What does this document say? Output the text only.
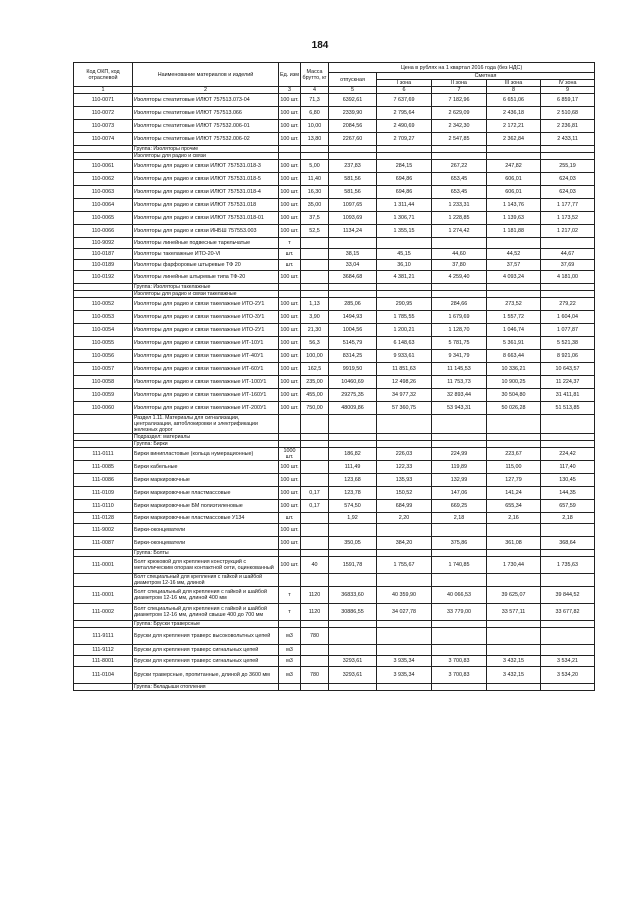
184
Код ОКП, код отраслевой	Наименование материалов и изделий	Ед. изм	Масса брутто, кг	Цена в рублях на 1 квартал 2016 года (без НДС)				
				отпускная	Сметная			
					I зона	II зона	III зона	IV зона

1	2	3	4	5	6	7	8	9
110-0071	Изоляторы стеатитовые ИЛЮТ 757513.073-04	100 шт.	71,3	6392,61	7 637,69	7 182,96	6 651,06	6 859,17
110-0072	Изоляторы стеатитовые ИЛЮТ 757513.066	100 шт.	6,80	2339,90	2 795,64	2 629,09	2 436,18	2 510,68
110-0073	Изоляторы стеатитовые ИЛЮТ 757532.006-01	100 шт.	10,00	2084,56	2 490,69	2 342,30	2 172,21	2 236,81
110-0074	Изоляторы стеатитовые ИЛЮТ 757532.006-02	100 шт.	13,80	2267,60	2 709,27	2 547,85	2 362,84	2 433,11
	Группа: Изоляторы прочие							
	Изоляторы для радио и связи							
110-0061	Изоляторы для радио и связи ИЛЮТ 757531.018-3	100 шт.	5,00	237,83	284,15	267,22	247,82	255,19
110-0062	Изоляторы для радио и связи ИЛЮТ 757531.018-5	100 шт.	11,40	581,56	694,86	653,45	606,01	624,03
110-0063	Изоляторы для радио и связи ИЛЮТ 757531.018-4	100 шт.	16,30	581,56	694,86	653,45	606,01	624,03
110-0064	Изоляторы для радио и связи ИЛЮТ 757531.018	100 шт.	35,00	1097,65	1 311,44	1 233,31	1 143,76	1 177,77
110-0065	Изоляторы для радио и связи ИЛЮТ 757531.018-01	100 шт.	37,5	1093,69	1 306,71	1 228,85	1 139,63	1 173,52
110-0066	Изоляторы для радио и связи ИНБШ 757553.003	100 шт.	52,5	1134,24	1 355,15	1 274,42	1 181,88	1 217,02
110-9092	Изоляторы линейные подвесные тарельчатые	т						
110-0187	Изоляторы такелажные ИТО-20-VI	шт.		38,15	45,15	44,60	44,52	44,67
110-0189	Изоляторы фарфоровые штыревые ТФ 20	шт.		33,04	36,10	37,80	37,57	37,69
110-0192	Изоляторы линейные штыревые типа ТФ-20	100 шт.		3684,68	4 381,21	4 259,40	4 093,24	4 181,00
	Группа: Изоляторы такелажные							
	Изоляторы для радио и связи такелажные							
110-0052	Изоляторы для радио и связи такелажные ИТО-2У1	100 шт.	1,13	285,06	290,95	284,66	273,52	279,22
110-0053	Изоляторы для радио и связи такелажные ИТО-3У1	100 шт.	3,90	1494,93	1 785,55	1 679,69	1 557,72	1 604,04
110-0054	Изоляторы для радио и связи такелажные ИТО-2У1	100 шт.	21,30	1004,56	1 200,21	1 128,70	1 046,74	1 077,87
110-0055	Изоляторы для радио и связи такелажные ИТ-10У1	100 шт.	56,3	5145,79	6 148,63	5 781,75	5 361,91	5 521,38
110-0056	Изоляторы для радио и связи такелажные ИТ-40У1	100 шт.	100,00	8314,25	9 933,61	9 341,79	8 663,44	8 921,06
110-0057	Изоляторы для радио и связи такелажные ИТ-60У1	100 шт.	162,5	9919,50	11 851,63	11 145,53	10 336,21	10 643,57
110-0058	Изоляторы для радио и связи такелажные ИТ-100У1	100 шт.	235,00	10460,69	12 498,26	11 753,73	10 900,25	11 224,37
110-0059	Изоляторы для радио и связи такелажные ИТ-160У1	100 шт.	455,00	29275,35	34 977,32	32 893,44	30 504,80	31 411,81
110-0060	Изоляторы для радио и связи такелажные ИТ-200У1	100 шт.	750,00	48009,86	57 360,75	53 943,31	50 026,28	51 513,85
	Раздел 1.11. Материалы для сигнализации, централизации, автоблокировки и электрификации железных дорог							
	Подраздел: материалы							
	Группа: Бирки							
111-0111	Бирки винипластовые (кольца нумерационные)	1000 шт.		186,82	226,03	224,99	223,67	224,42
111-0085	Бирки кабельные	100 шт.		111,49	122,33	119,89	115,00	117,40
111-0086	Бирки маркировочные	100 шт.		123,68	135,93	132,99	127,79	130,45
111-0109	Бирки маркировочные пластмассовые	100 шт.	0,17	123,78	150,52	147,06	141,24	144,35
111-0110	Бирки маркировочные БМ полиэтиленовые	100 шт.	0,17	574,50	684,99	669,25	655,34	657,59
111-0128	Бирки маркировочные пластмассовые У134	шт.		1,92	2,20	2,18	2,16	2,18
111-9002	Бирки-оконцеватели	100 шт.						
111-0087	Бирки-оконцеватели	100 шт.		350,05	384,20	375,86	361,08	368,64
	Группа: Болты							
111-0001	Болт крюковой для крепления конструкций с металлическим опорам контактной сети, оцинкованный	100 шт.	40	1591,78	1 755,67	1 740,85	1 730,44	1 735,63
	Болт специальный для крепления с гайкой и шайбой диаметром 12-16 мм, длиной							
111-0001	Болт специальный для крепления с гайкой и шайбой диаметром 12-16 мм, длиной 400 мм	т	1120	36833,60	40 359,90	40 066,53	39 625,07	39 844,52
111-0002	Болт специальный для крепления с гайкой и шайбой диаметром 12-16 мм, длиной свыше 400 до 700 мм	т	1120	30886,55	34 027,78	33 779,00	33 577,11	33 677,82
	Группа: Бруски траверсные							
111-9111	Бруски для крепления траверс высоковольтных цепей	м3	780					
111-9112	Бруски для крепления траверс сигнальных цепей	м3						
111-8001	Бруски для крепления траверс сигнальных цепей	м3		3293,61	3 935,34	3 700,83	3 432,15	3 534,21
111-0104	Бруски траверсные, пропитанные, длиной до 3600 мм	м3	780	3293,61	3 935,34	3 700,83	3 432,15	3 534,20
	Группа: Вкладыши отопления							
